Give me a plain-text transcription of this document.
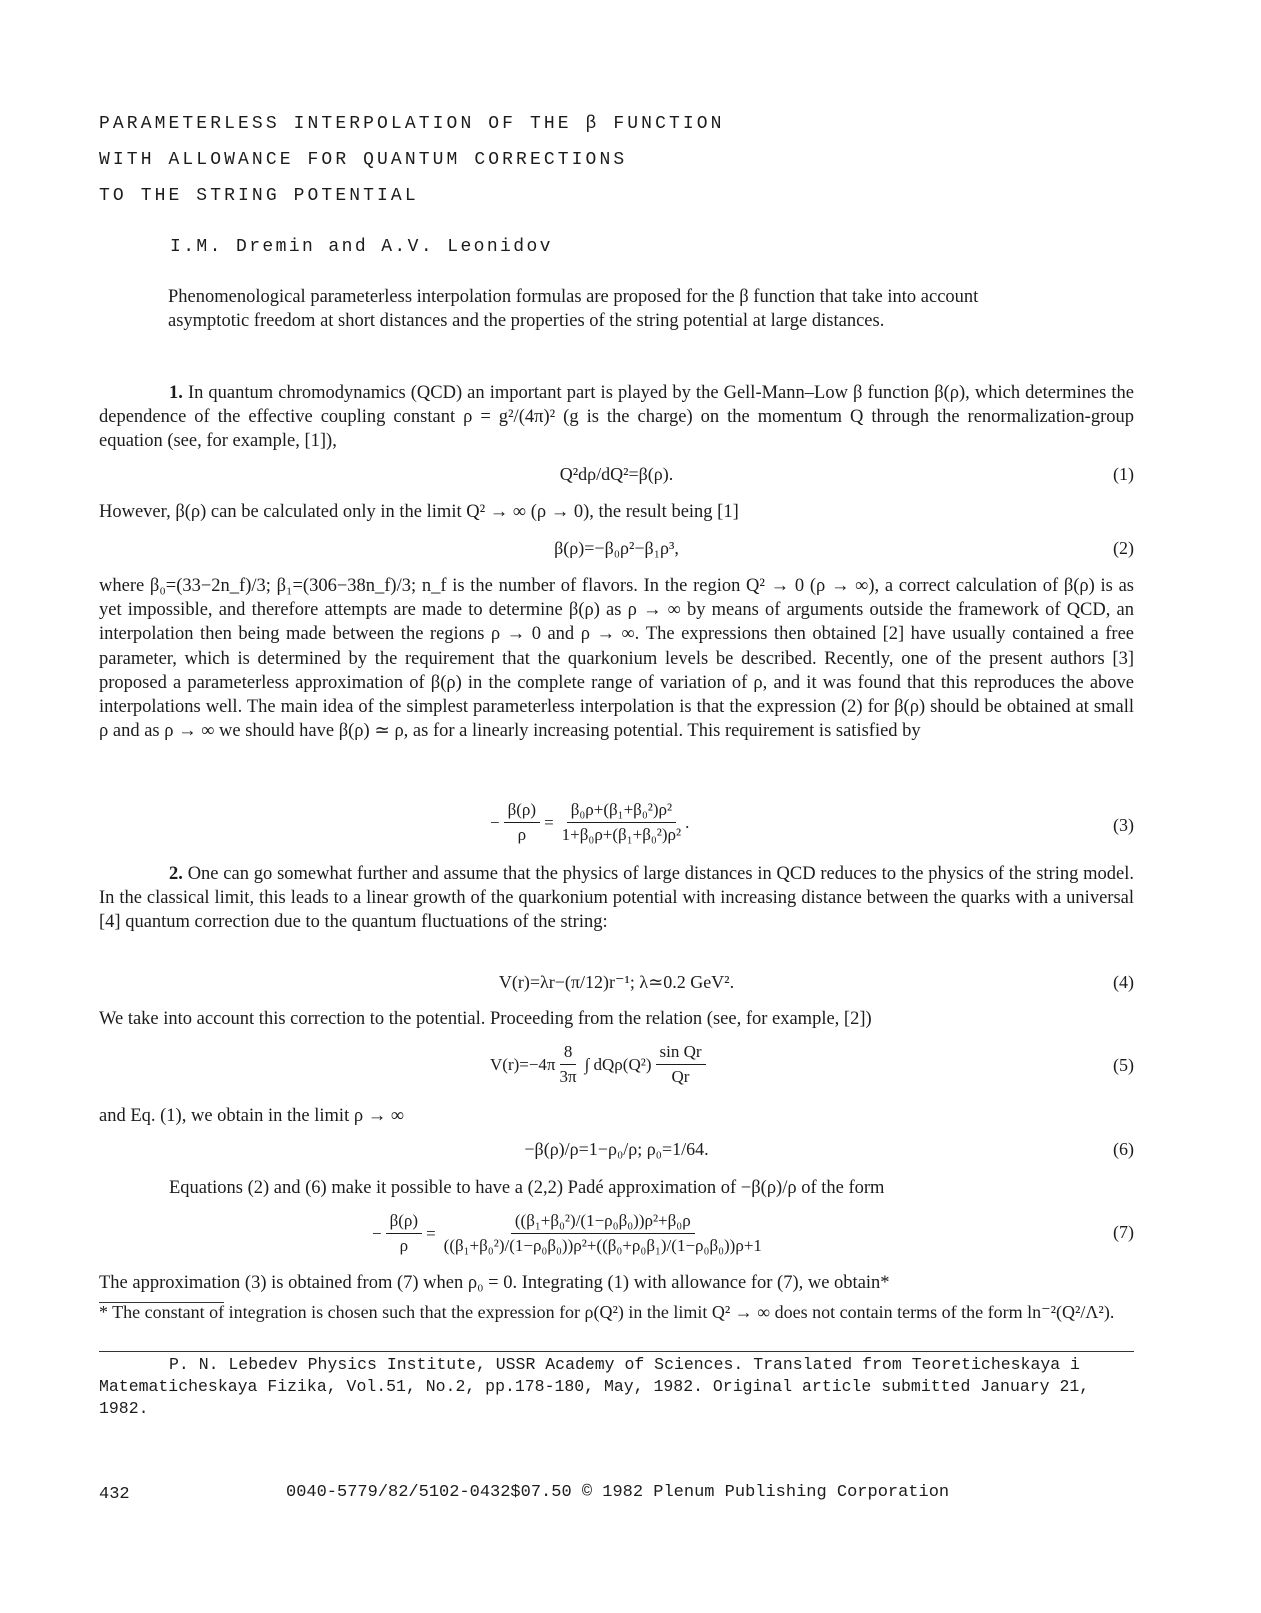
PARAMETERLESS INTERPOLATION OF THE β FUNCTION
WITH ALLOWANCE FOR QUANTUM CORRECTIONS
TO THE STRING POTENTIAL
I.M. Dremin and A.V. Leonidov
Phenomenological parameterless interpolation formulas are proposed for the β function that take into account asymptotic freedom at short distances and the properties of the string potential at large distances.
1. In quantum chromodynamics (QCD) an important part is played by the Gell-Mann–Low β function β(ρ), which determines the dependence of the effective coupling constant ρ = g²/(4π)² (g is the charge) on the momentum Q through the renormalization-group equation (see, for example, [1]),
Q²dρ/dQ²=β(ρ).	(1)
However, β(ρ) can be calculated only in the limit Q² → ∞ (ρ → 0), the result being [1]
β(ρ)=−β₀ρ²−β₁ρ³,	(2)
where β₀=(33−2n_f)/3; β₁=(306−38n_f)/3; n_f is the number of flavors. In the region Q² → 0 (ρ → ∞), a correct calculation of β(ρ) is as yet impossible, and therefore attempts are made to determine β(ρ) as ρ → ∞ by means of arguments outside the framework of QCD, an interpolation then being made between the regions ρ → 0 and ρ → ∞. The expressions then obtained [2] have usually contained a free parameter, which is determined by the requirement that the quarkonium levels be described. Recently, one of the present authors [3] proposed a parameterless approximation of β(ρ) in the complete range of variation of ρ, and it was found that this reproduces the above interpolations well. The main idea of the simplest parameterless interpolation is that the expression (2) for β(ρ) should be obtained at small ρ and as ρ → ∞ we should have β(ρ) ≃ ρ, as for a linearly increasing potential. This requirement is satisfied by
− $\frac{\beta(\rho)}{\rho} = \frac{\text{β₀ρ+(β₁+β₀²)ρ²}}{\text{1+β₀ρ+(β₁+β₀²)ρ²}}$ .	(3)
2. One can go somewhat further and assume that the physics of large distances in QCD reduces to the physics of the string model. In the classical limit, this leads to a linear growth of the quarkonium potential with increasing distance between the quarks with a universal [4] quantum correction due to the quantum fluctuations of the string:
V(r)=λr−(π/12)r⁻¹; λ≃0.2 GeV².	(4)
We take into account this correction to the potential. Proceeding from the relation (see, for example, [2])
$V(r)=-4\pi \frac{8}{3\pi}$ ∫ $dQ\rho(Q^2) \frac{\text{sin Qr}}{Qr}$	(5)
and Eq. (1), we obtain in the limit ρ → ∞
−β(ρ)/ρ=1−ρ₀/ρ; ρ₀=1/64.	(6)
Equations (2) and (6) make it possible to have a (2,2) Padé approximation of −β(ρ)/ρ of the form
− $\frac{\beta(\rho)}{\rho} = \frac{\text{((β₁+β₀²)/(1−ρ₀β₀))ρ²+β₀ρ}}{\text{((β₁+β₀²)/(1−ρ₀β₀))ρ²+((β₀+ρ₀β₁)/(1−ρ₀β₀))ρ+1}}$	(7)
The approximation (3) is obtained from (7) when ρ₀ = 0. Integrating (1) with allowance for (7), we obtain*
* The constant of integration is chosen such that the expression for ρ(Q²) in the limit Q² → ∞ does not contain terms of the form ln⁻²(Q²/Λ²).
P. N. Lebedev Physics Institute, USSR Academy of Sciences. Translated from Teoreticheskaya i Matematicheskaya Fizika, Vol.51, No.2, pp.178-180, May, 1982. Original article submitted January 21, 1982.
432	0040-5779/82/5102-0432$07.50 © 1982 Plenum Publishing Corporation
